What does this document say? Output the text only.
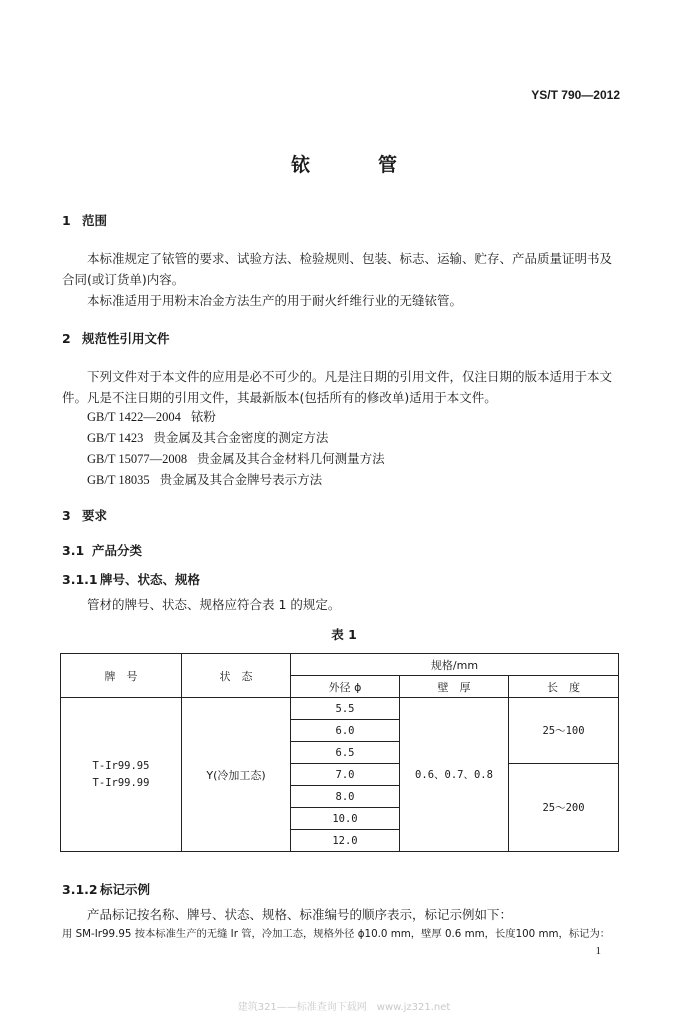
YS/T 790—2012
铱	管
1 范围
本标准规定了铱管的要求、试验方法、检验规则、包装、标志、运输、贮存、产品质量证明书及合同(或订货单)内容。
本标准适用于用粉末冶金方法生产的用于耐火纤维行业的无缝铱管。
2 规范性引用文件
下列文件对于本文件的应用是必不可少的。凡是注日期的引用文件，仅注日期的版本适用于本文件。凡是不注日期的引用文件，其最新版本(包括所有的修改单)适用于本文件。
GB/T 1422—2004 铱粉
GB/T 1423 贵金属及其合金密度的测定方法
GB/T 15077—2008 贵金属及其合金材料几何测量方法
GB/T 18035 贵金属及其合金牌号表示方法
3 要求
3.1 产品分类
3.1.1 牌号、状态、规格
管材的牌号、状态、规格应符合表 1 的规定。
表 1
牌　号	状　态	规格/mm		
		外径 ϕ	壁　厚	长　度

T-Ir99.95
T-Ir99.99	Y(冷加工态)	5.5	0.6、0.7、0.8	25～100
		6.0		
		6.5		
		7.0		25～200
		8.0		
		10.0		
		12.0		
3.1.2 标记示例
产品标记按名称、牌号、状态、规格、标准编号的顺序表示，标记示例如下：
用 SM-Ir99.95 按本标准生产的无缝 Ir 管，冷加工态，规格外径 ϕ10.0 mm，壁厚 0.6 mm，长度100 mm，标记为：
1
建筑321——标准查询下载网　www.jz321.net
